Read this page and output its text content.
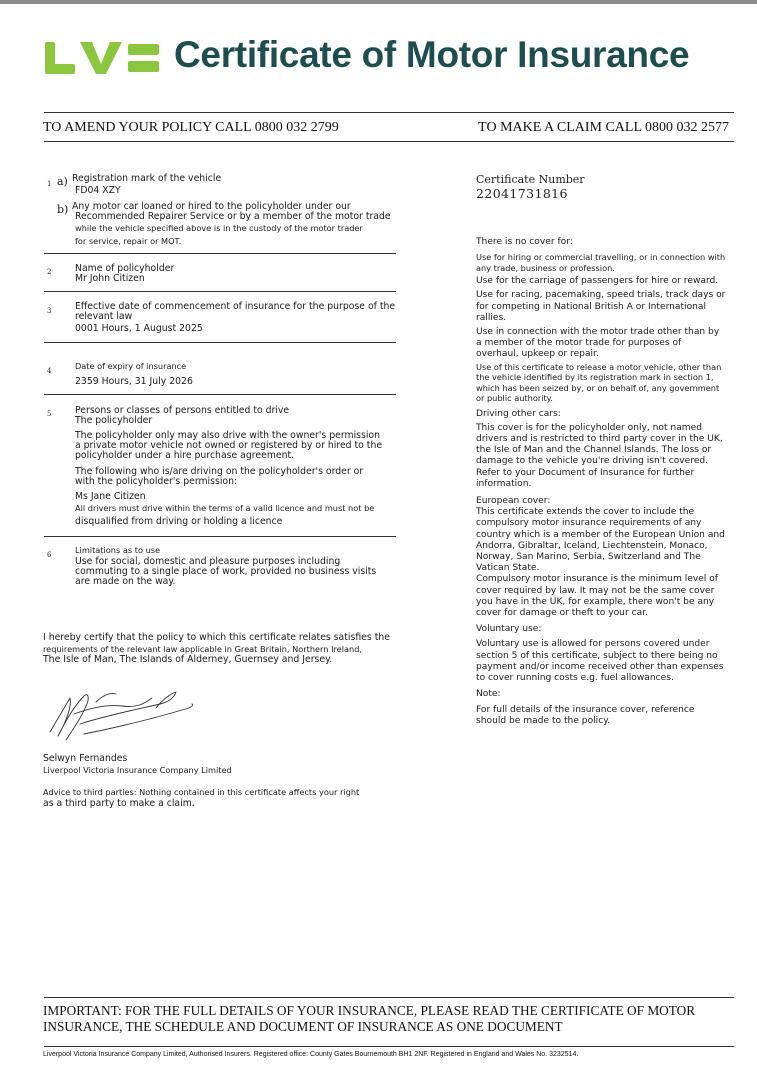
Certificate of Motor Insurance
TO AMEND YOUR POLICY CALL 0800 032 2799	TO MAKE A CLAIM CALL 0800 032 2577
1 a) Registration mark of the vehicle
FD04 XZY
b) Any motor car loaned or hired to the policyholder under our
Recommended Repairer Service or by a member of the motor trade
while the vehicle specified above is in the custody of the motor trader
for service, repair or MOT.
2	Name of policyholder
Mr John Citizen
3	Effective date of commencement of insurance for the purpose of the
relevant law
0001 Hours, 1 August 2025
4	Date of expiry of insurance
2359 Hours, 31 July 2026
5	Persons or classes of persons entitled to drive
The policyholder
The policyholder only may also drive with the owner's permission
a private motor vehicle not owned or registered by or hired to the
policyholder under a hire purchase agreement.
The following who is/are driving on the policyholder's order or
with the policyholder's permission:
Ms Jane Citizen
All drivers must drive within the terms of a valid licence and must not be
disqualified from driving or holding a licence
6	Limitations as to use
Use for social, domestic and pleasure purposes including
commuting to a single place of work, provided no business visits
are made on the way.
I hereby certify that the policy to which this certificate relates satisfies the
requirements of the relevant law applicable in Great Britain, Northern Ireland,
The Isle of Man, The Islands of Alderney, Guernsey and Jersey.
Selwyn Fernandes
Liverpool Victoria Insurance Company Limited
Advice to third parties: Nothing contained in this certificate affects your right
as a third party to make a claim.
Certificate Number
22041731816

There is no cover for:

Use for hiring or commercial travelling, or in connection with any trade, business or profession.

Use for the carriage of passengers for hire or reward.

Use for racing, pacemaking, speed trials, track days or for competing in National British A or International rallies.

Use in connection with the motor trade other than by a member of the motor trade for purposes of overhaul, upkeep or repair.

Use of this certificate to release a motor vehicle, other than the vehicle identified by its registration mark in section 1, which has been seized by, or on behalf of, any government or public authority.

Driving other cars:

This cover is for the policyholder only, not named drivers and is restricted to third party cover in the UK, the Isle of Man and the Channel Islands. The loss or damage to the vehicle you're driving isn't covered. Refer to your Document of Insurance for further information.

European cover:

This certificate extends the cover to include the compulsory motor insurance requirements of any country which is a member of the European Union and Andorra, Gibraltar, Iceland, Liechtenstein, Monaco, Norway, San Marino, Serbia, Switzerland and The Vatican State.

Compulsory motor insurance is the minimum level of cover required by law. It may not be the same cover you have in the UK, for example, there won't be any cover for damage or theft to your car.

Voluntary use:

Voluntary use is allowed for persons covered under section 5 of this certificate, subject to there being no payment and/or income received other than expenses to cover running costs e.g. fuel allowances.

Note:

For full details of the insurance cover, reference should be made to the policy.

IMPORTANT: FOR THE FULL DETAILS OF YOUR INSURANCE, PLEASE READ THE CERTIFICATE OF MOTOR INSURANCE, THE SCHEDULE AND DOCUMENT OF INSURANCE AS ONE DOCUMENT
Liverpool Victoria Insurance Company Limited, Authorised Insurers. Registered office: County Gates Bournemouth BH1 2NF. Registered in England and Wales No. 3232514.
